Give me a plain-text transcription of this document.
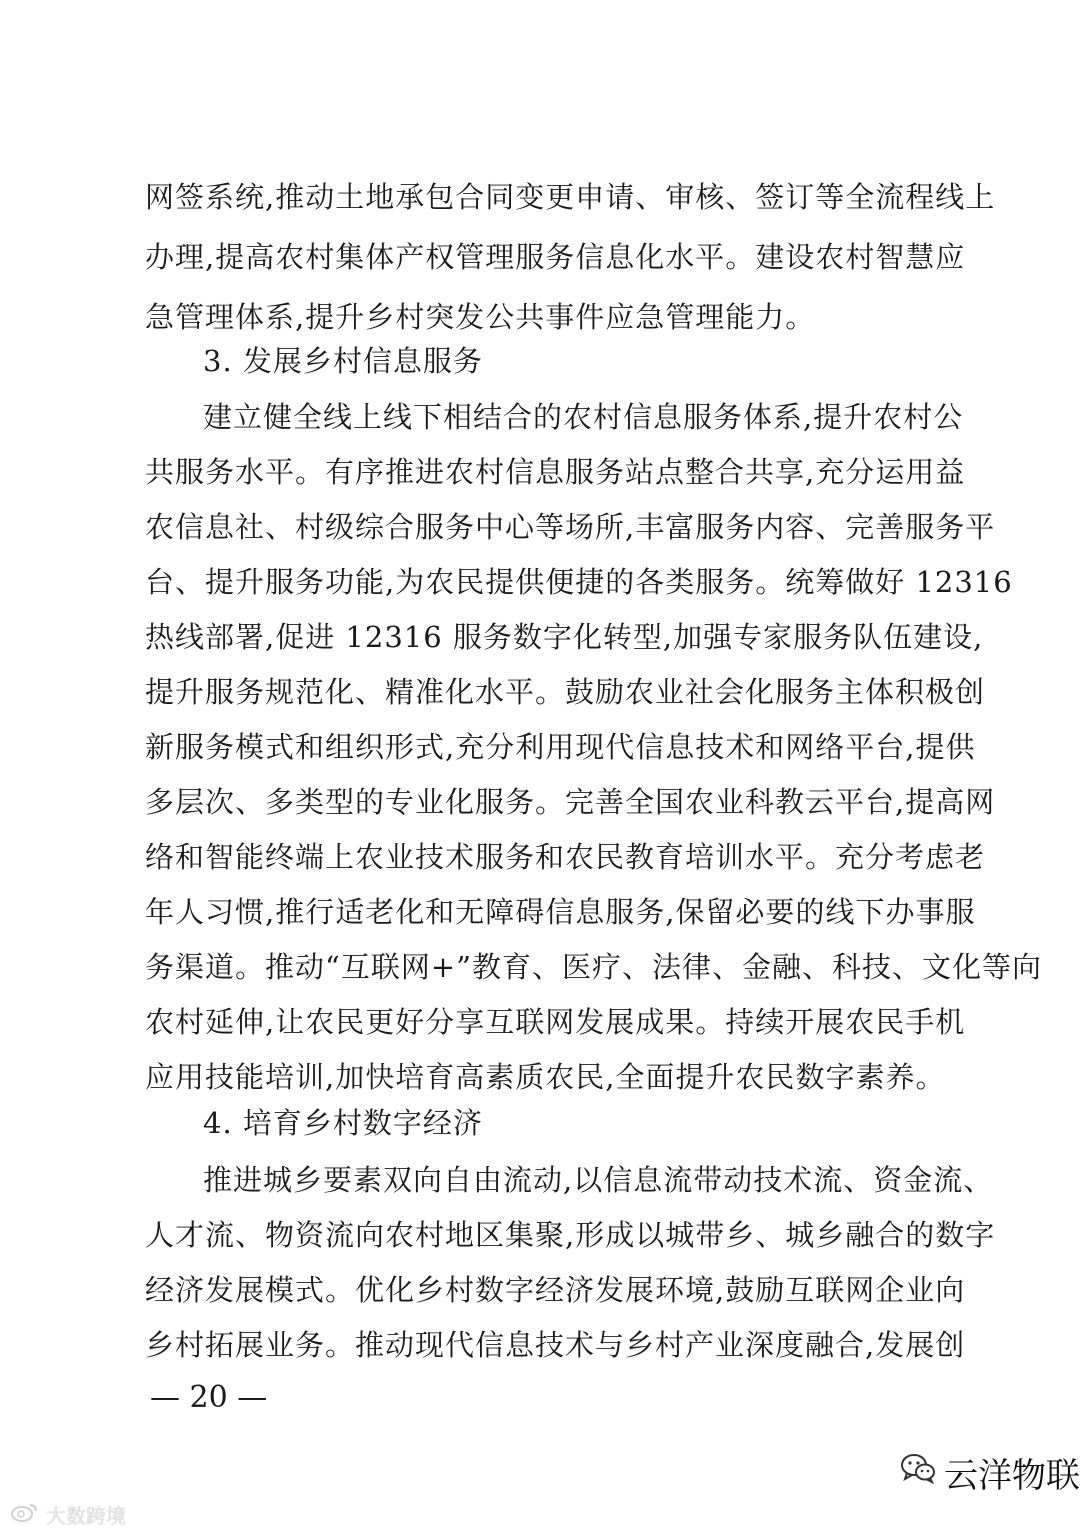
网签系统,推动土地承包合同变更申请、审核、签订等全流程线上
办理,提高农村集体产权管理服务信息化水平。建设农村智慧应
急管理体系,提升乡村突发公共事件应急管理能力。
3. 发展乡村信息服务
建立健全线上线下相结合的农村信息服务体系,提升农村公
共服务水平。有序推进农村信息服务站点整合共享,充分运用益
农信息社、村级综合服务中心等场所,丰富服务内容、完善服务平
台、提升服务功能,为农民提供便捷的各类服务。统筹做好 12316
热线部署,促进 12316 服务数字化转型,加强专家服务队伍建设,
提升服务规范化、精准化水平。鼓励农业社会化服务主体积极创
新服务模式和组织形式,充分利用现代信息技术和网络平台,提供
多层次、多类型的专业化服务。完善全国农业科教云平台,提高网
络和智能终端上农业技术服务和农民教育培训水平。充分考虑老
年人习惯,推行适老化和无障碍信息服务,保留必要的线下办事服
务渠道。推动“互联网+”教育、医疗、法律、金融、科技、文化等向
农村延伸,让农民更好分享互联网发展成果。持续开展农民手机
应用技能培训,加快培育高素质农民,全面提升农民数字素养。
4. 培育乡村数字经济
推进城乡要素双向自由流动,以信息流带动技术流、资金流、
人才流、物资流向农村地区集聚,形成以城带乡、城乡融合的数字
经济发展模式。优化乡村数字经济发展环境,鼓励互联网企业向
乡村拓展业务。推动现代信息技术与乡村产业深度融合,发展创
— 20 —
云洋物联
大数跨境
